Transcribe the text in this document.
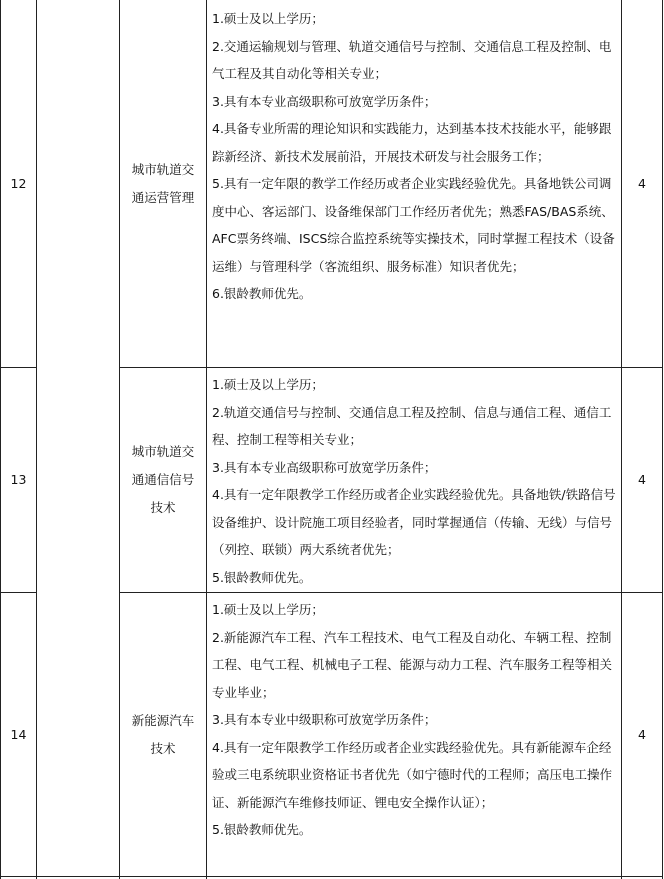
12
城市轨道交通运营管理

1.硕士及以上学历；

2.交通运输规划与管理、轨道交通信号与控制、交通信息工程及控制、电气工程及其自动化等相关专业；

3.具有本专业高级职称可放宽学历条件；

4.具备专业所需的理论知识和实践能力，达到基本技术技能水平，能够跟踪新经济、新技术发展前沿，开展技术研发与社会服务工作；

5.具有一定年限的教学工作经历或者企业实践经验优先。具备地铁公司调度中心、客运部门、设备维保部门工作经历者优先；熟悉FAS/BAS系统、AFC票务终端、ISCS综合监控系统等实操技术，同时掌握工程技术（设备运维）与管理科学（客流组织、服务标准）知识者优先；

6.银龄教师优先。

4
13
城市轨道交通通信信号技术

1.硕士及以上学历；

2.轨道交通信号与控制、交通信息工程及控制、信息与通信工程、通信工程、控制工程等相关专业；

3.具有本专业高级职称可放宽学历条件；

4.具有一定年限教学工作经历或者企业实践经验优先。具备地铁/铁路信号设备维护、设计院施工项目经验者，同时掌握通信（传输、无线）与信号（列控、联锁）两大系统者优先；

5.银龄教师优先。

4
14
新能源汽车技术

1.硕士及以上学历；

2.新能源汽车工程、汽车工程技术、电气工程及自动化、车辆工程、控制工程、电气工程、机械电子工程、能源与动力工程、汽车服务工程等相关专业毕业；

3.具有本专业中级职称可放宽学历条件；

4.具有一定年限教学工作经历或者企业实践经验优先。具有新能源车企经验或三电系统职业资格证书者优先（如宁德时代的工程师；高压电工操作证、新能源汽车维修技师证、锂电安全操作认证）；

5.银龄教师优先。

4
